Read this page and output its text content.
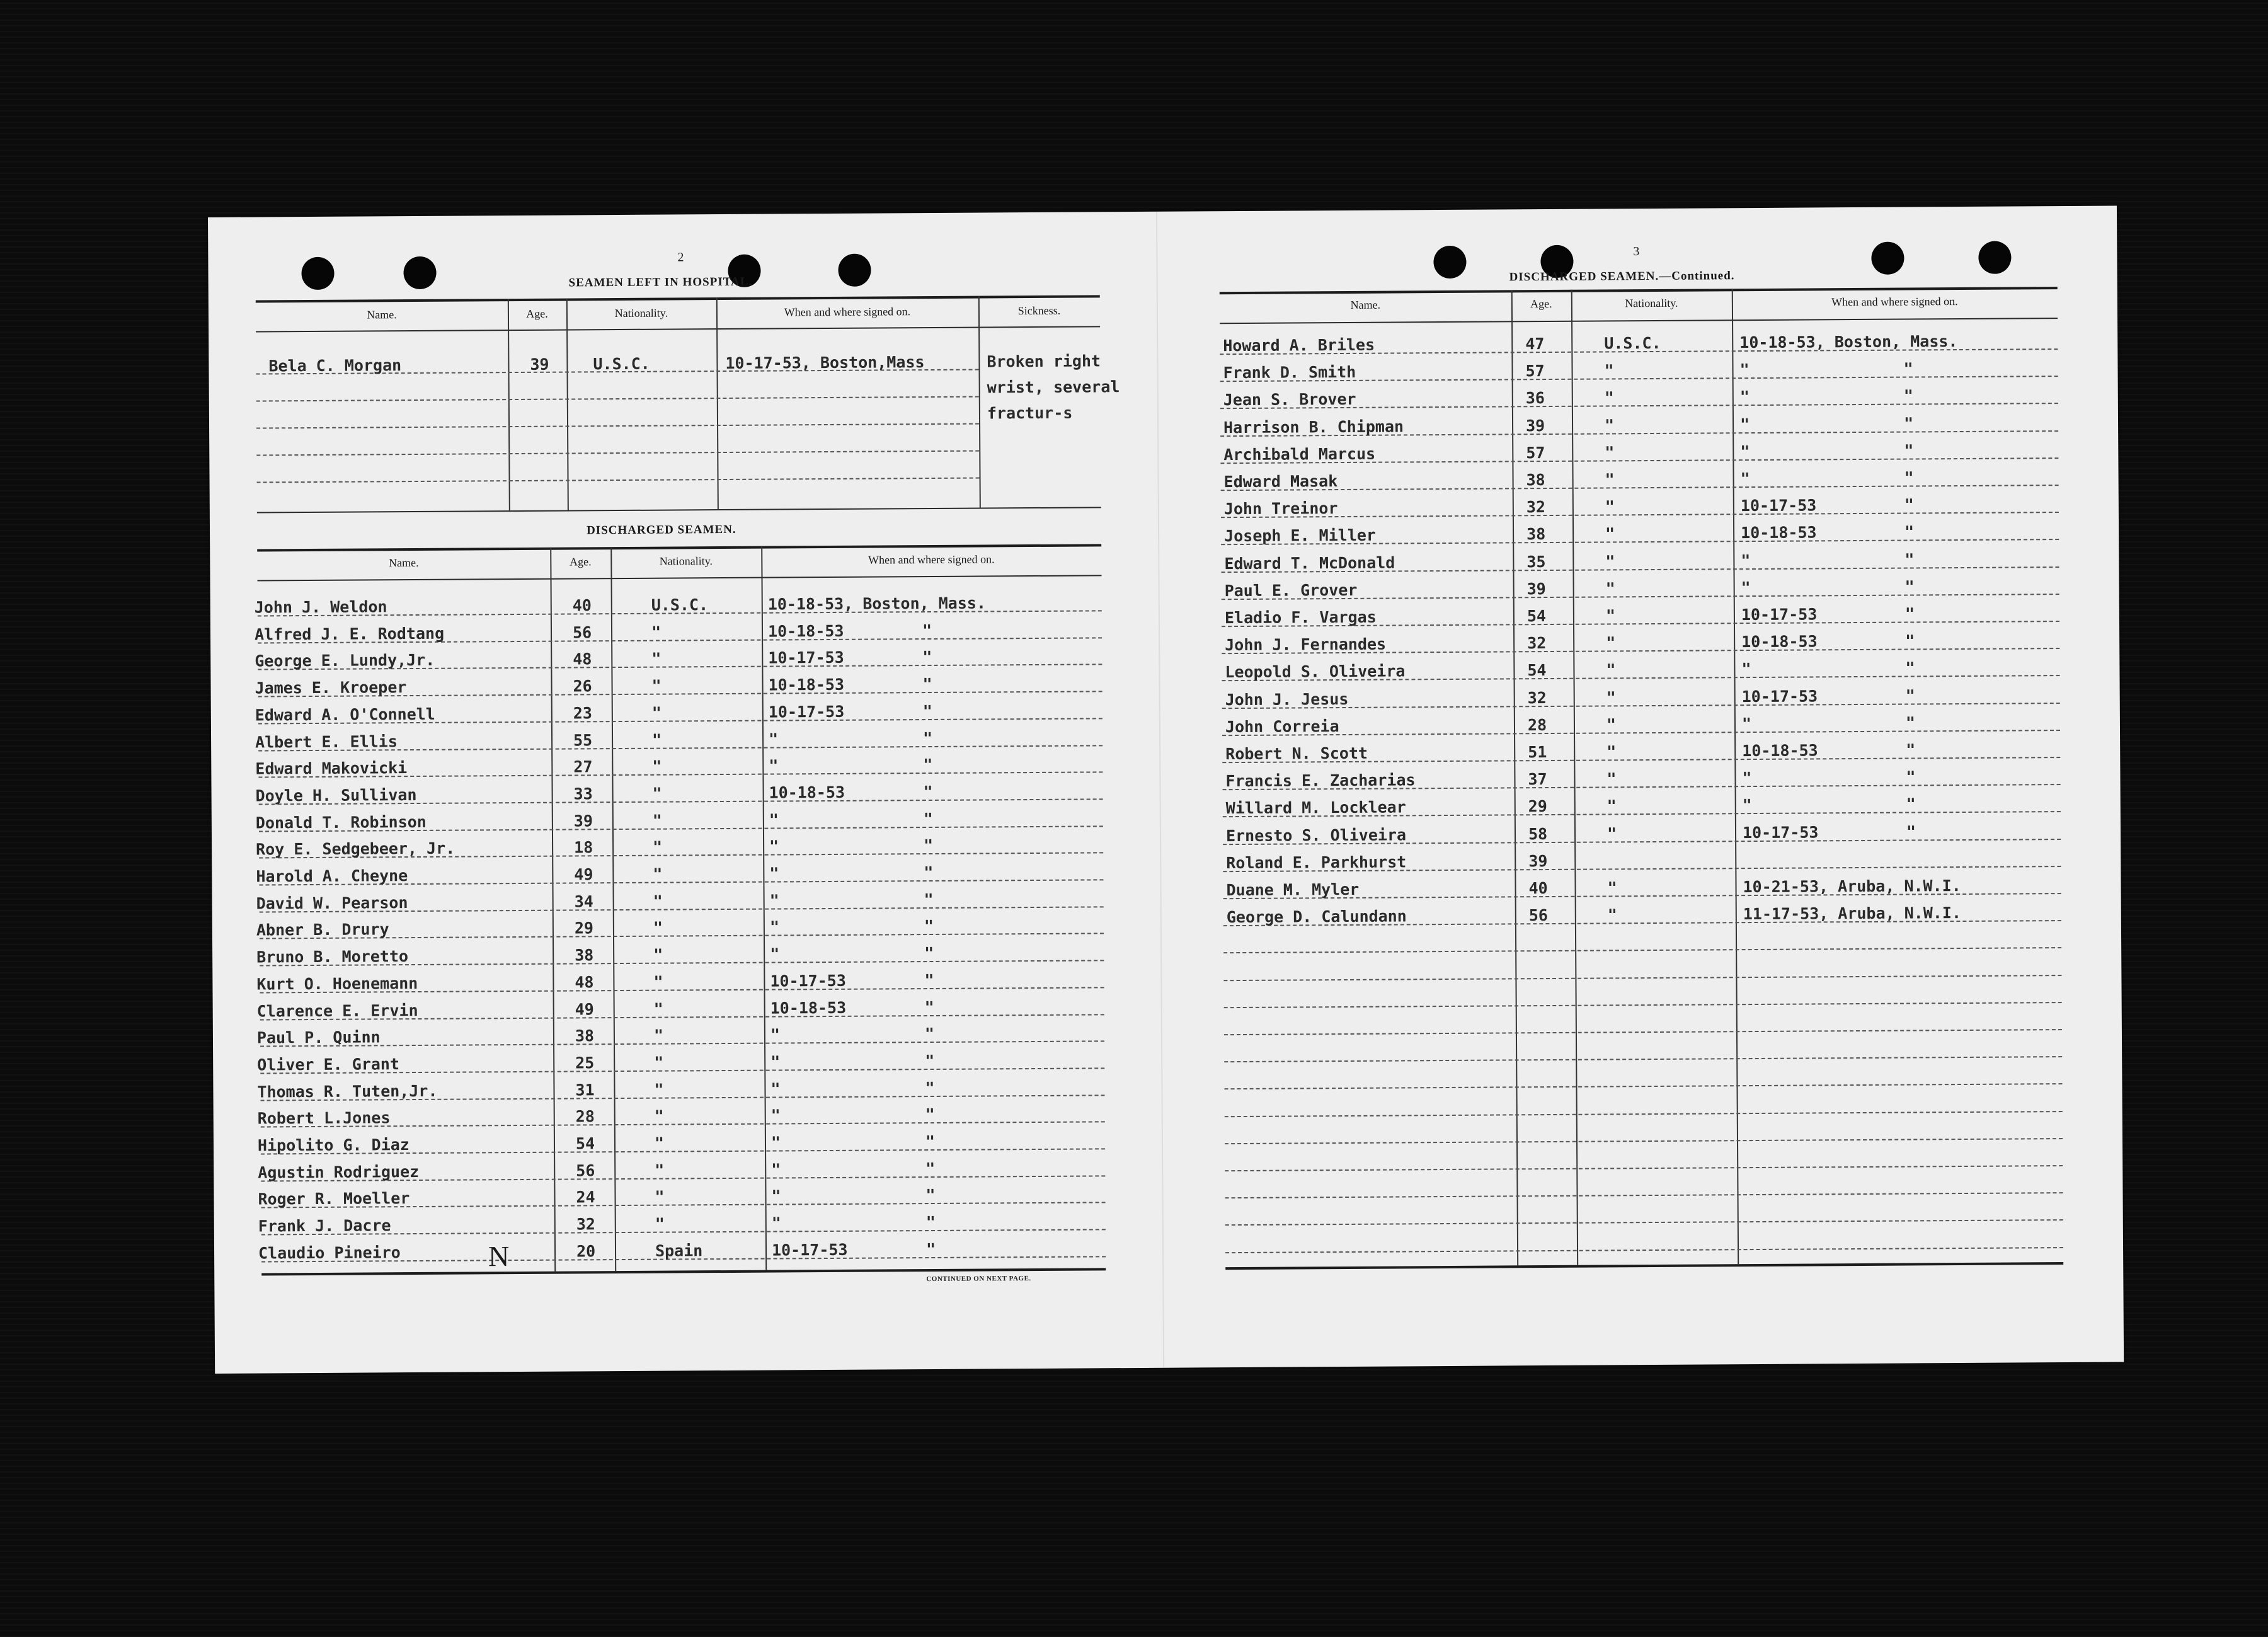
2
SEAMEN LEFT IN HOSPITAL.
Name.	Age.	Nationality.	When and where signed on.	Sickness.
Bela C. Morgan	39	U.S.C.	10-17-53, Boston,Mass	Broken right
wrist, several
fractur-s
DISCHARGED SEAMEN.
Name.	Age.	Nationality.	When and where signed on.
John J. Weldon	40	U.S.C.	10-18-53, Boston, Mass.
Alfred J. E. Rodtang	56	"	10-18-53	"
George E. Lundy,Jr.	48	"	10-17-53	"
James E. Kroeper	26	"	10-18-53	"
Edward A. O'Connell	23	"	10-17-53	"
Albert E. Ellis	55	"	"	"
Edward Makovicki	27	"	"	"
Doyle H. Sullivan	33	"	10-18-53	"
Donald T. Robinson	39	"	"	"
Roy E. Sedgebeer, Jr.	18	"	"	"
Harold A. Cheyne	49	"	"	"
David W. Pearson	34	"	"	"
Abner B. Drury	29	"	"	"
Bruno B. Moretto	38	"	"	"
Kurt O. Hoenemann	48	"	10-17-53	"
Clarence E. Ervin	49	"	10-18-53	"
Paul P. Quinn	38	"	"	"
Oliver E. Grant	25	"	"	"
Thomas R. Tuten,Jr.	31	"	"	"
Robert L.Jones	28	"	"	"
Hipolito G. Diaz	54	"	"	"
Agustin Rodriguez	56	"	"	"
Roger R. Moeller	24	"	"	"
Frank J. Dacre	32	"	"	"
Claudio Pineiro	20	Spain	10-17-53	"
N
CONTINUED ON NEXT PAGE.
3
DISCHARGED SEAMEN.—Continued.
Name.	Age.	Nationality.	When and where signed on.
Howard A. Briles	47	U.S.C.	10-18-53, Boston, Mass.
Frank D. Smith	57	"	"	"
Jean S. Brover	36	"	"	"
Harrison B. Chipman	39	"	"	"
Archibald Marcus	57	"	"	"
Edward Masak	38	"	"	"
John Treinor	32	"	10-17-53	"
Joseph E. Miller	38	"	10-18-53	"
Edward T. McDonald	35	"	"	"
Paul E. Grover	39	"	"	"
Eladio F. Vargas	54	"	10-17-53	"
John J. Fernandes	32	"	10-18-53	"
Leopold S. Oliveira	54	"	"	"
John J. Jesus	32	"	10-17-53	"
John Correia	28	"	"	"
Robert N. Scott	51	"	10-18-53	"
Francis E. Zacharias	37	"	"	"
Willard M. Locklear	29	"	"	"
Ernesto S. Oliveira	58	"	10-17-53	"
Roland E. Parkhurst	39
Duane M. Myler	40	"	10-21-53, Aruba, N.W.I.
George D. Calundann	56	"	11-17-53, Aruba, N.W.I.
